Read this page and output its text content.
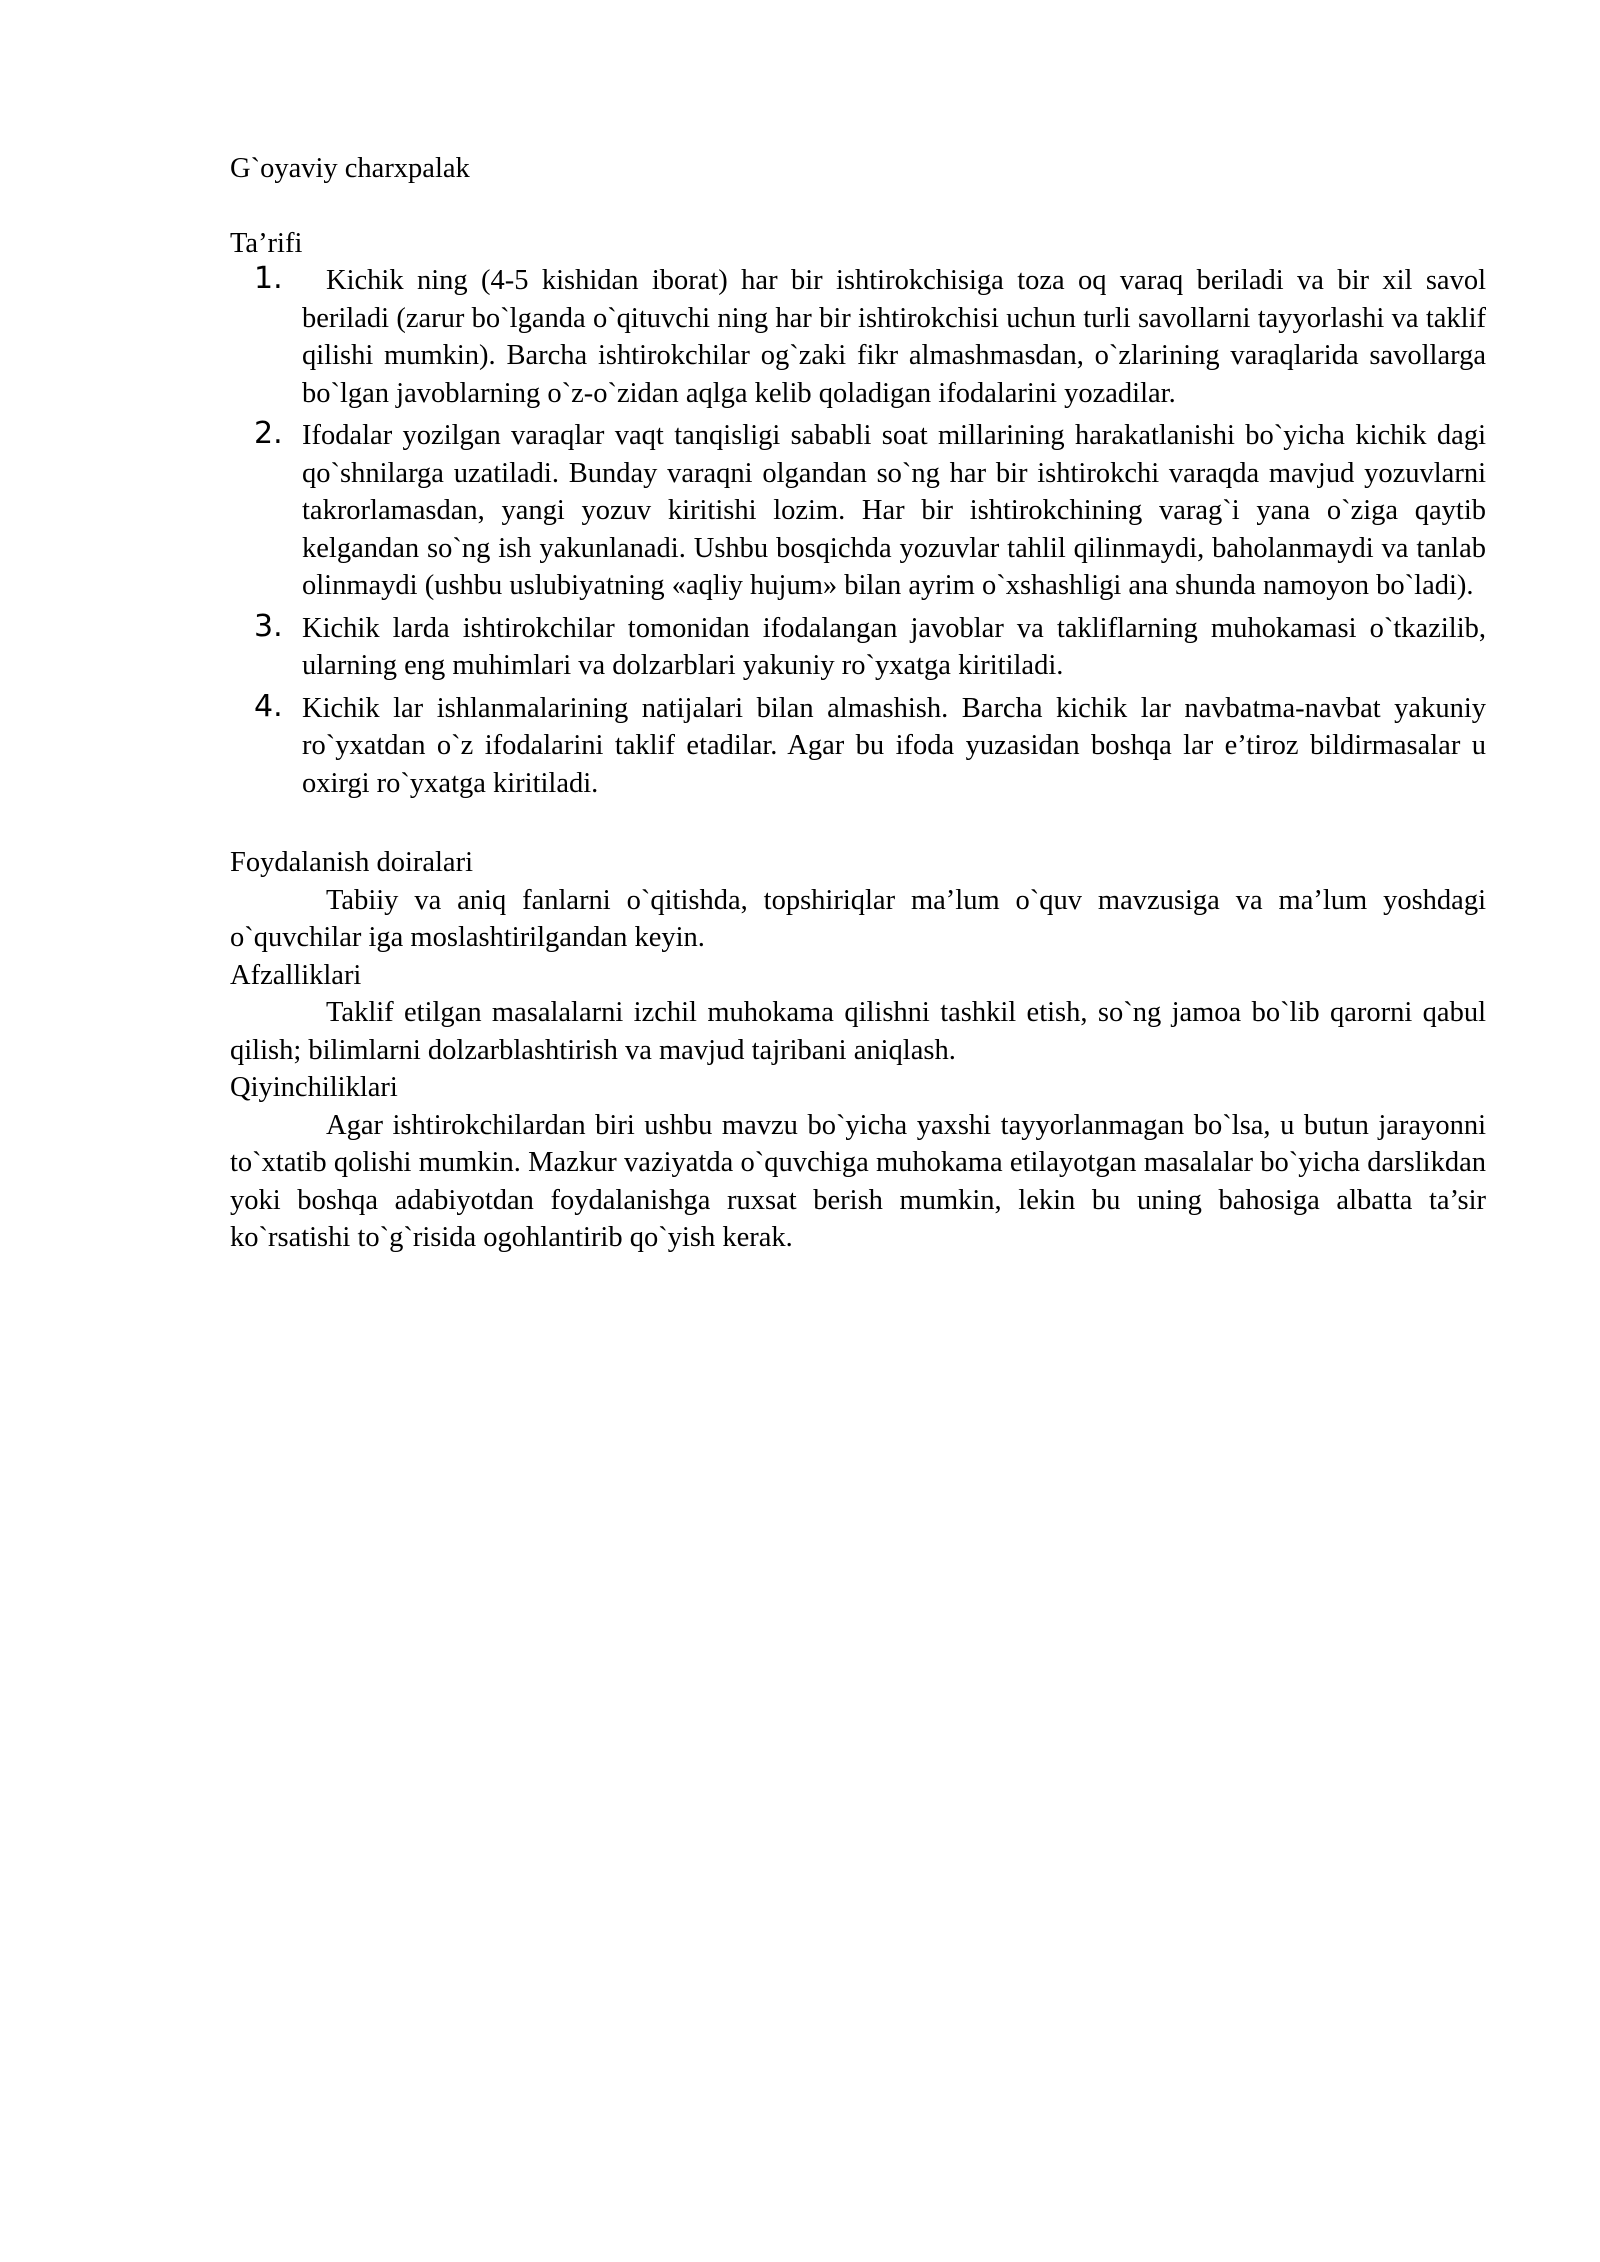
G`oyaviy charxpalak
Ta’rifi
1. Kichik ning (4-5 kishidan iborat) har bir ishtirokchisiga toza oq varaq beriladi va bir xil savol beriladi (zarur bo`lganda o`qituvchi ning har bir ishtirokchisi uchun turli savollarni tayyorlashi va taklif qilishi mumkin). Barcha ishtirokchilar og`zaki fikr almashmasdan, o`zlarining varaqlarida savollarga bo`lgan javoblarning o`z-o`zidan aqlga kelib qoladigan ifodalarini yozadilar.
2. Ifodalar yozilgan varaqlar vaqt tanqisligi sababli soat millarining harakatlanishi bo`yicha kichik dagi qo`shnilarga uzatiladi. Bunday varaqni olgandan so`ng har bir ishtirokchi varaqda mavjud yozuvlarni takrorlamasdan, yangi yozuv kiritishi lozim. Har bir ishtirokchining varag`i yana o`ziga qaytib kelgandan so`ng ish yakunlanadi. Ushbu bosqichda yozuvlar tahlil qilinmaydi, baholanmaydi va tanlab olinmaydi (ushbu uslubiyatning «aqliy hujum» bilan ayrim o`xshashligi ana shunda namoyon bo`ladi).
3. Kichik larda ishtirokchilar tomonidan ifodalangan javoblar va takliflarning muhokamasi o`tkazilib, ularning eng muhimlari va dolzarblari yakuniy ro`yxatga kiritiladi.
4. Kichik lar ishlanmalarining natijalari bilan almashish. Barcha kichik lar navbatma-navbat yakuniy ro`yxatdan o`z ifodalarini taklif etadilar. Agar bu ifoda yuzasidan boshqa lar e’tiroz bildirmasalar u oxirgi ro`yxatga kiritiladi.
Foydalanish doiralari

Tabiiy va aniq fanlarni o`qitishda, topshiriqlar ma’lum o`quv mavzusiga va ma’lum yoshdagi o`quvchilar iga moslashtirilgandan keyin.

Afzalliklari

Taklif etilgan masalalarni izchil muhokama qilishni tashkil etish, so`ng jamoa bo`lib qarorni qabul qilish; bilimlarni dolzarblashtirish va mavjud tajribani aniqlash.

Qiyinchiliklari

Agar ishtirokchilardan biri ushbu mavzu bo`yicha yaxshi tayyorlanmagan bo`lsa, u butun jarayonni to`xtatib qolishi mumkin. Mazkur vaziyatda o`quvchiga muhokama etilayotgan masalalar bo`yicha darslikdan yoki boshqa adabiyotdan foydalanishga ruxsat berish mumkin, lekin bu uning bahosiga albatta ta’sir ko`rsatishi to`g`risida ogohlantirib qo`yish kerak.
